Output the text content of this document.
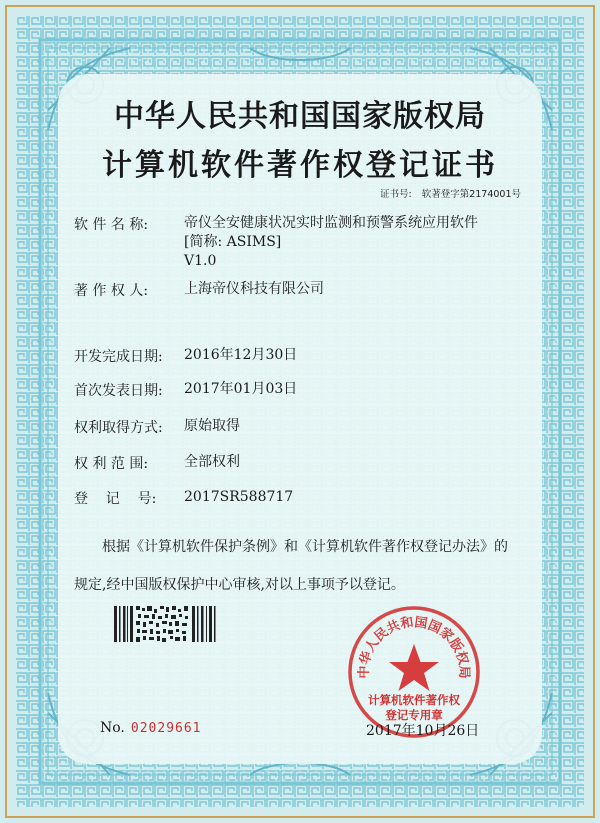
中华人民共和国国家版权局
计算机软件著作权登记证书
证书号: 软著登字第2174001号
软 件 名 称:	帝仪全安健康状况实时监测和预警系统应用软件
[简称: ASIMS]
V1.0
著 作 权 人:	上海帝仪科技有限公司
开发完成日期: 2016年12月30日
首次发表日期: 2017年01月03日
权利取得方式: 原始取得
权 利 范 围:	全部权利
登    记    号: 2017SR588717
根据《计算机软件保护条例》和《计算机软件著作权登记办法》的
规定,经中国版权保护中心审核,对以上事项予以登记。
No. 02029661
中华人民共和国国家版权局
计算机软件著作权
登记专用章
2017年10月26日
